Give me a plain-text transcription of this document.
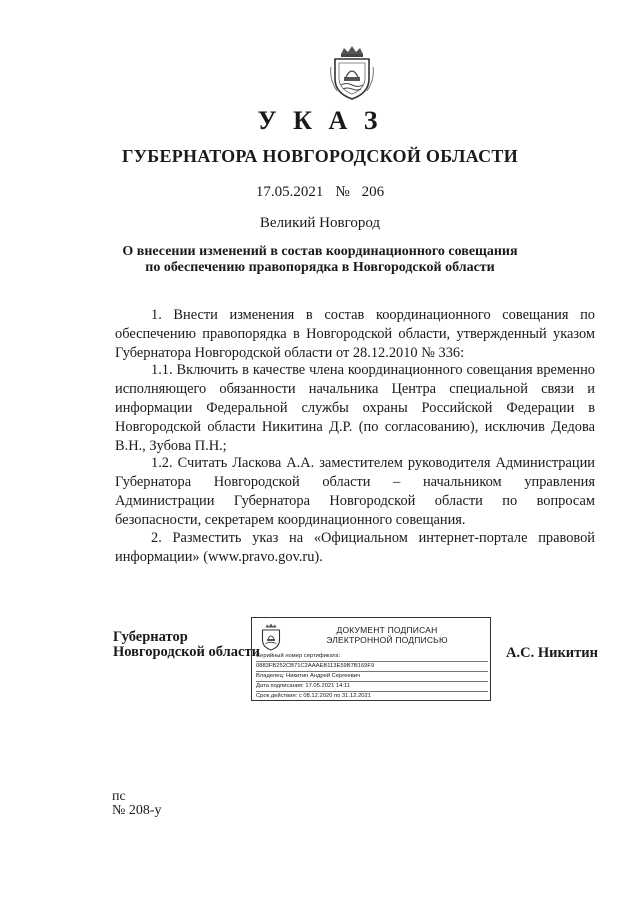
У К А З
ГУБЕРНАТОРА НОВГОРОДСКОЙ ОБЛАСТИ
17.05.2021 № 206
Великий Новгород
О внесении изменений в состав координационного совещания
по обеспечению правопорядка в Новгородской области
1. Внести изменения в состав координационного совещания по обеспечению правопорядка в Новгородской области, утвержденный указом Губернатора Новгородской области от 28.12.2010 № 336:
1.1. Включить в качестве члена координационного совещания временно исполняющего обязанности начальника Центра специальной связи и информации Федеральной службы охраны Российской Федерации в Новгородской области Никитина Д.Р. (по согласованию), исключив Дедова В.Н., Зубова П.Н.;
1.2. Считать Ласкова А.А. заместителем руководителя Администрации Губернатора Новгородской области – начальником управления Администрации Губернатора Новгородской области по вопросам безопасности, секретарем координационного совещания.
2. Разместить указ на «Официальном интернет-портале правовой информации» (www.pravo.gov.ru).
Губернатор
Новгородской области
ДОКУМЕНТ ПОДПИСАН
ЭЛЕКТРОННОЙ ПОДПИСЬЮ
Серийный номер сертификата:
0883FB252CB71C2AAAEB113E59B7B169F9
Владелец: Никитин Андрей Сергеевич
Дата подписания: 17.05.2021 14:11
Срок действия: с 08.12.2020 по 31.12.2021
А.С. Никитин
пс
№ 208-у
